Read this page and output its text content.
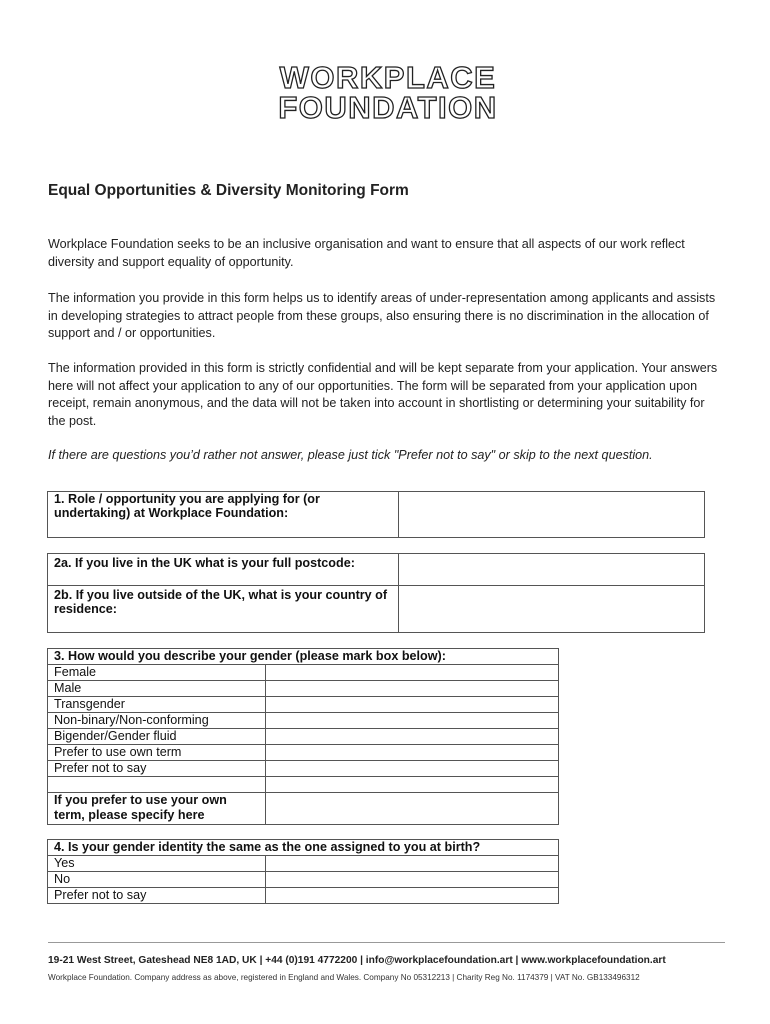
WORKPLACE
FOUNDATION
Equal Opportunities & Diversity Monitoring Form
Workplace Foundation seeks to be an inclusive organisation and want to ensure that all aspects of our work reflect diversity and support equality of opportunity.
The information you provide in this form helps us to identify areas of under-representation among applicants and assists in developing strategies to attract people from these groups, also ensuring there is no discrimination in the allocation of support and / or opportunities.
The information provided in this form is strictly confidential and will be kept separate from your application. Your answers here will not affect your application to any of our opportunities. The form will be separated from your application upon receipt, remain anonymous, and the data will not be taken into account in shortlisting or determining your suitability for the post.
If there are questions you’d rather not answer, please just tick "Prefer not to say" or skip to the next question.
1. Role / opportunity you are applying for (or undertaking) at Workplace Foundation:	
2a. If you live in the UK what is your full postcode:	
2b. If you live outside of the UK, what is your country of residence:	
3. How would you describe your gender (please mark box below):	
Female	
Male	
Transgender	
Non-binary/Non-conforming	
Bigender/Gender fluid	
Prefer to use own term	
Prefer not to say	

If you prefer to use your own term, please specify here	
4. Is your gender identity the same as the one assigned to you at birth?	
Yes	
No	
Prefer not to say	
19-21 West Street, Gateshead NE8 1AD, UK | +44 (0)191 4772200 | info@workplacefoundation.art | www.workplacefoundation.art
Workplace Foundation. Company address as above, registered in England and Wales. Company No 05312213 | Charity Reg No. 1174379 | VAT No. GB133496312
